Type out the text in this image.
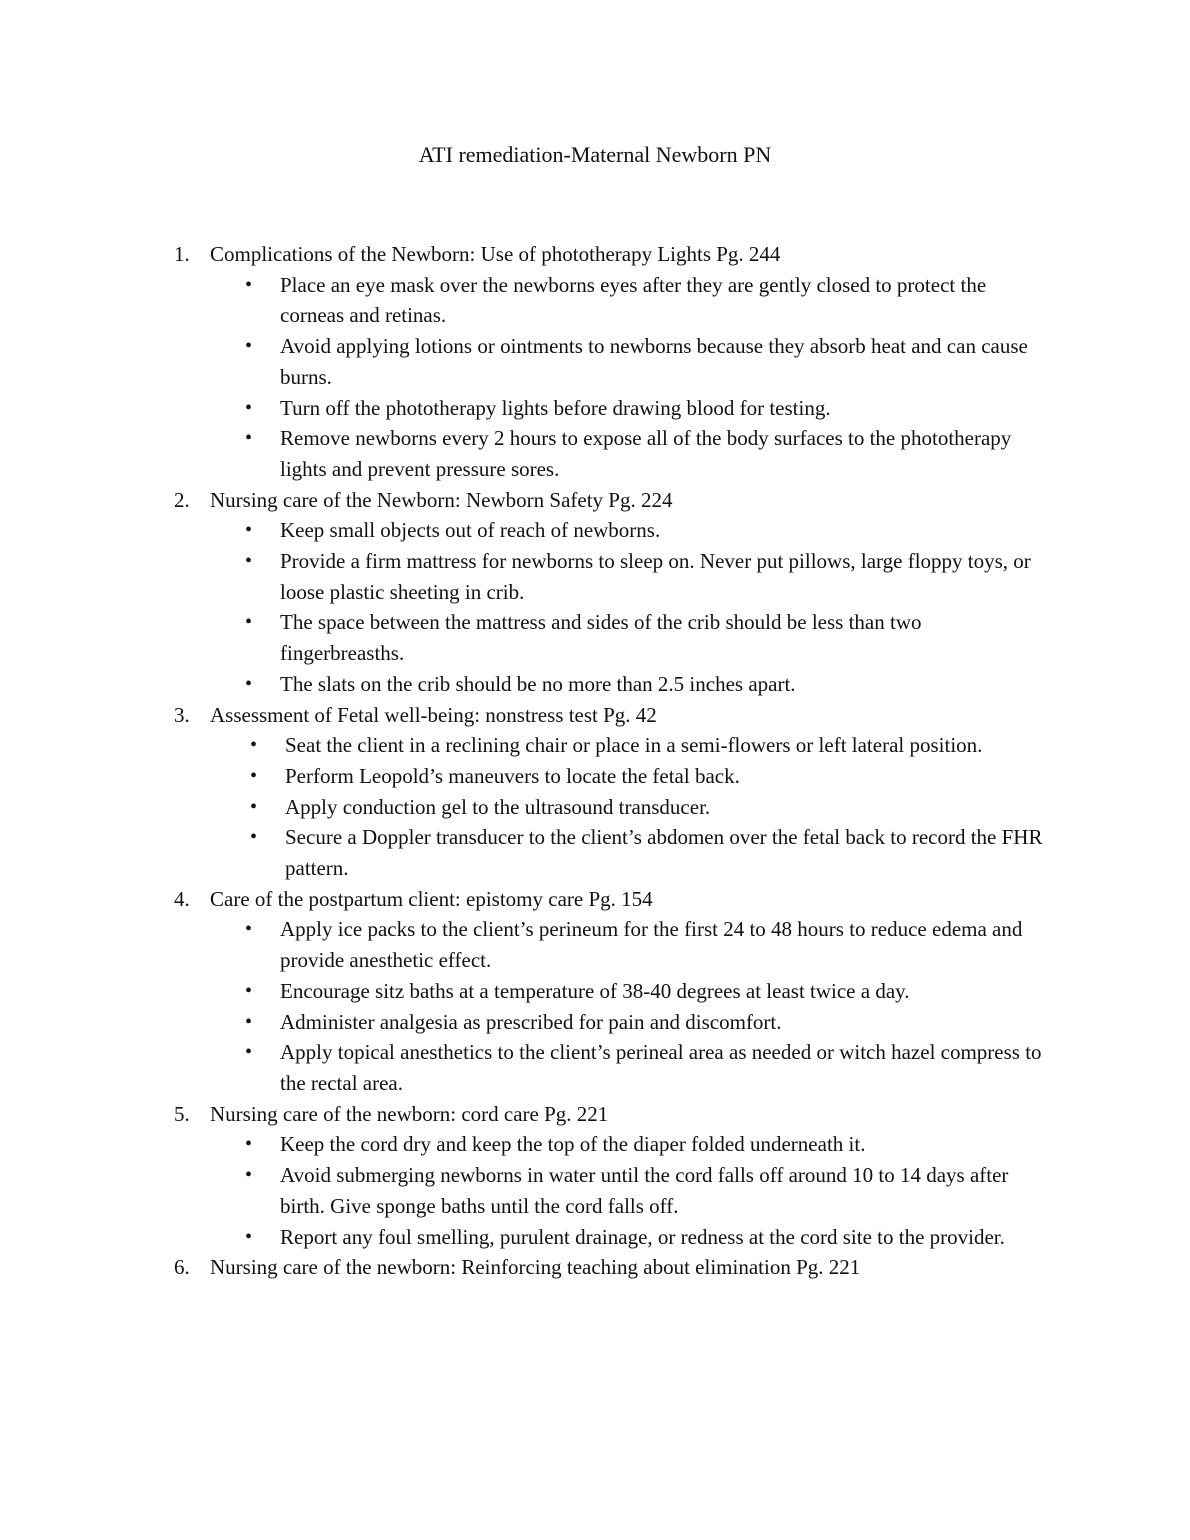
ATI remediation-Maternal Newborn PN
1. Complications of the Newborn: Use of phototherapy Lights Pg. 244
• Place an eye mask over the newborns eyes after they are gently closed to protect the corneas and retinas.
• Avoid applying lotions or ointments to newborns because they absorb heat and can cause burns.
• Turn off the phototherapy lights before drawing blood for testing.
• Remove newborns every 2 hours to expose all of the body surfaces to the phototherapy lights and prevent pressure sores.
2. Nursing care of the Newborn: Newborn Safety Pg. 224
• Keep small objects out of reach of newborns.
• Provide a firm mattress for newborns to sleep on. Never put pillows, large floppy toys, or loose plastic sheeting in crib.
• The space between the mattress and sides of the crib should be less than two fingerbreasths.
• The slats on the crib should be no more than 2.5 inches apart.
3. Assessment of Fetal well-being: nonstress test Pg. 42
• Seat the client in a reclining chair or place in a semi-flowers or left lateral position.
• Perform Leopold’s maneuvers to locate the fetal back.
• Apply conduction gel to the ultrasound transducer.
• Secure a Doppler transducer to the client’s abdomen over the fetal back to record the FHR pattern.
4. Care of the postpartum client: epistomy care Pg. 154
• Apply ice packs to the client’s perineum for the first 24 to 48 hours to reduce edema and provide anesthetic effect.
• Encourage sitz baths at a temperature of 38-40 degrees at least twice a day.
• Administer analgesia as prescribed for pain and discomfort.
• Apply topical anesthetics to the client’s perineal area as needed or witch hazel compress to the rectal area.
5. Nursing care of the newborn: cord care Pg. 221
• Keep the cord dry and keep the top of the diaper folded underneath it.
• Avoid submerging newborns in water until the cord falls off around 10 to 14 days after birth. Give sponge baths until the cord falls off.
• Report any foul smelling, purulent drainage, or redness at the cord site to the provider.
6. Nursing care of the newborn: Reinforcing teaching about elimination Pg. 221
